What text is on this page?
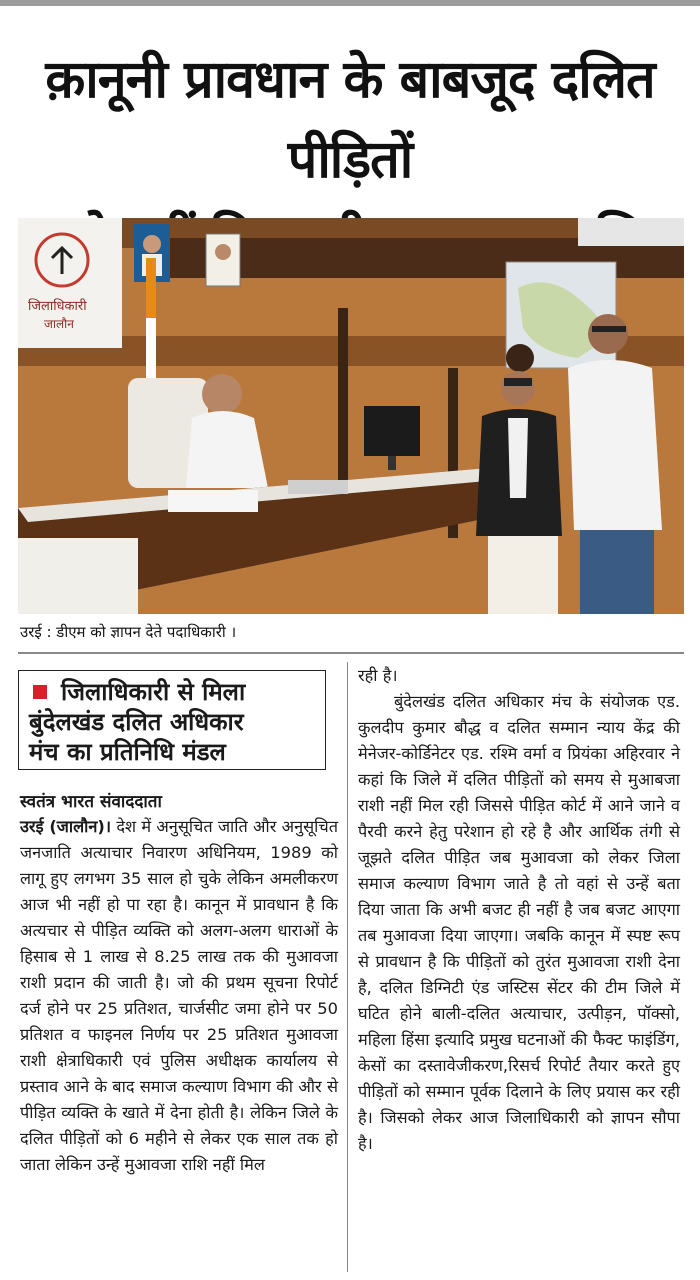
क़ानूनी प्रावधान के बाबजूद दलित पीड़ितों
जिलाधिकारी
जालौन
उरई : डीएम को ज्ञापन देते पदाधिकारी ।
जिलाधिकारी से मिला
बुंदेलखंड दलित अधिकार
मंच का प्रतिनिधि मंडल
स्वतंत्र भारत संवाददाता

उरई (जालौन)। देश में अनुसूचित जाति और अनुसूचित जनजाति अत्याचार निवारण अधिनियम, 1989 को लागू हुए लगभग 35 साल हो चुके लेकिन अमलीकरण आज भी नहीं हो पा रहा है। कानून में प्रावधान है कि अत्यचार से पीड़ित व्यक्ति को अलग-अलग धाराओं के हिसाब से 1 लाख से 8.25 लाख तक की मुआवजा राशी प्रदान की जाती है। जो की प्रथम सूचना रिपोर्ट दर्ज होने पर 25 प्रतिशत, चार्जसीट जमा होने पर 50 प्रतिशत व फाइनल निर्णय पर 25 प्रतिशत मुआवजा राशी क्षेत्राधिकारी एवं पुलिस अधीक्षक कार्यालय से प्रस्ताव आने के बाद समाज कल्याण विभाग की और से पीड़ित व्यक्ति के खाते में देना होती है। लेकिन जिले के दलित पीड़ितों को 6 महीने से लेकर एक साल तक हो जाता लेकिन उन्हें मुआवजा राशि नहीं मिल

रही है।

बुंदेलखंड दलित अधिकार मंच के संयोजक एड. कुलदीप कुमार बौद्ध व दलित सम्मान न्याय केंद्र की मेनेजर-कोर्डिनेटर एड. रश्मि वर्मा व प्रियंका अहिरवार ने कहां कि जिले में दलित पीड़ितों को समय से मुआबजा राशी नहीं मिल रही जिससे पीड़ित कोर्ट में आने जाने व पैरवी करने हेतु परेशान हो रहे है और आर्थिक तंगी से जूझते दलित पीड़ित जब मुआवजा को लेकर जिला समाज कल्याण विभाग जाते है तो वहां से उन्हें बता दिया जाता कि अभी बजट ही नहीं है जब बजट आएगा तब मुआवजा दिया जाएगा। जबकि कानून में स्पष्ट रूप से प्रावधान है कि पीड़ितों को तुरंत मुआवजा राशी देना है, दलित डिग्निटी एंड जस्टिस सेंटर की टीम जिले में घटित होने बाली-दलित अत्याचार, उत्पीड़न, पॉक्सो, महिला हिंसा इत्यादि प्रमुख घटनाओं की फैक्ट फाइंडिंग, केसों का दस्तावेजीकरण,रिसर्च रिपोर्ट तैयार करते हुए पीड़ितों को सम्मान पूर्वक दिलाने के लिए प्रयास कर रही है। जिसको लेकर आज जिलाधिकारी को ज्ञापन सौपा है।
